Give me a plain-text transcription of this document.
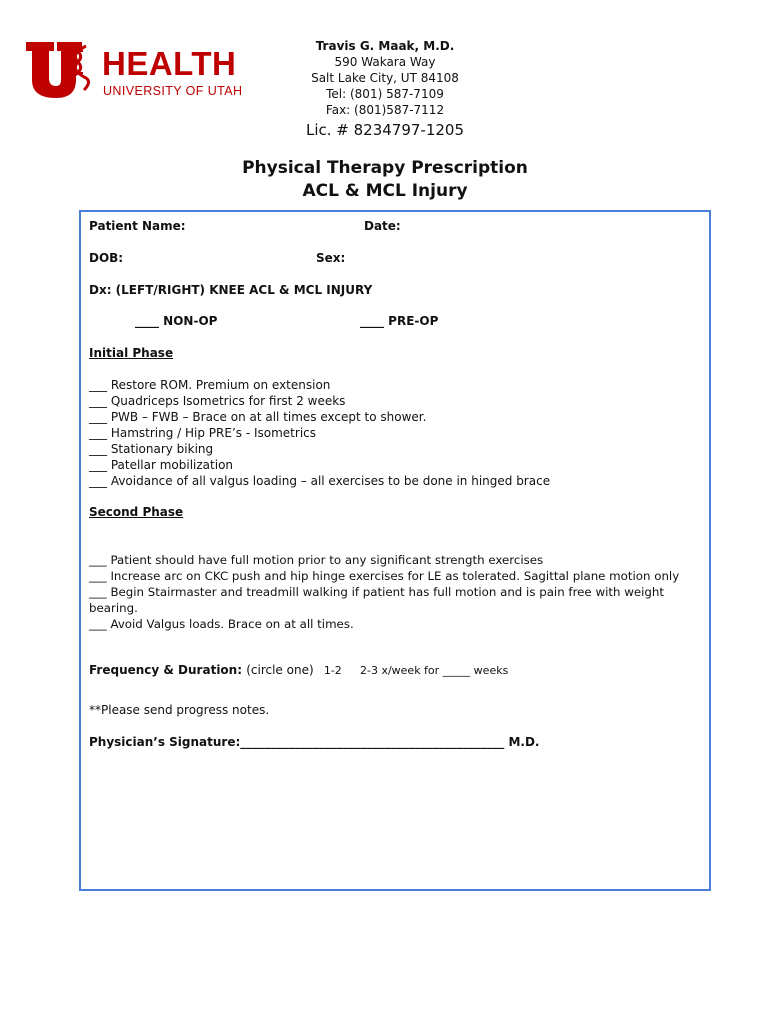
HEALTH
UNIVERSITY OF UTAH
Travis G. Maak, M.D.
590 Wakara Way
Salt Lake City, UT 84108
Tel: (801) 587-7109
Fax: (801)587-7112
Lic. # 8234797-1205
Physical Therapy Prescription
ACL & MCL Injury
Patient Name:	Date:
DOB:	Sex:
Dx: (LEFT/RIGHT) KNEE ACL & MCL INJURY
____ NON-OP	____ PRE-OP
Initial Phase
___ Restore ROM. Premium on extension
___ Quadriceps Isometrics for first 2 weeks
___ PWB – FWB – Brace on at all times except to shower.
___ Hamstring / Hip PRE’s - Isometrics
___ Stationary biking
___ Patellar mobilization
___ Avoidance of all valgus loading – all exercises to be done in hinged brace
Second Phase
___ Patient should have full motion prior to any significant strength exercises
___ Increase arc on CKC push and hip hinge exercises for LE as tolerated. Sagittal plane motion only
___ Begin Stairmaster and treadmill walking if patient has full motion and is pain free with weight bearing.
___ Avoid Valgus loads. Brace on at all times.
Frequency & Duration: (circle one) 1-2 2-3 x/week for _____ weeks
**Please send progress notes.
Physician’s Signature:____________________________________________ M.D.
